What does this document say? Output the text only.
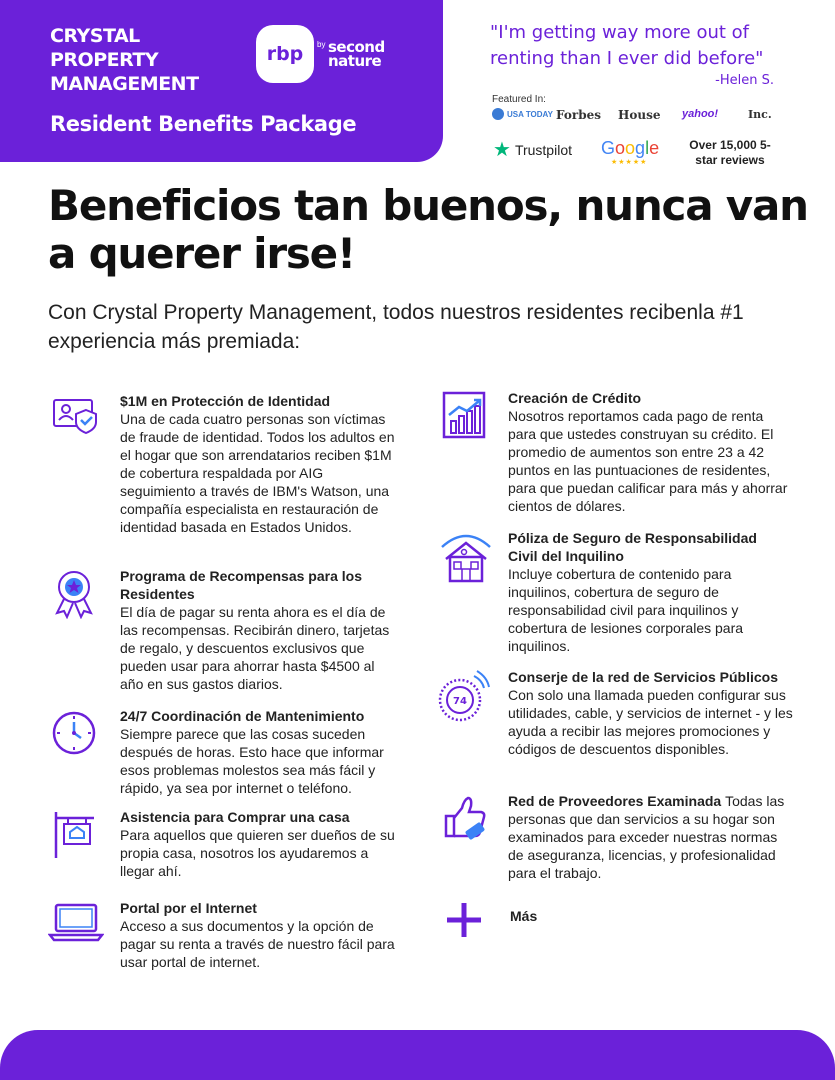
CRYSTAL PROPERTY MANAGEMENT
rbp	by second nature
Resident Benefits Package
"I'm getting way more out of renting than I ever did before"
-Helen S.
Featured In:
USA TODAY Forbes House yahoo!	Inc.
★ Trustpilot Google
★★★★★
Over 15,000 5-star reviews
Beneficios tan buenos, nunca van a querer irse!
Con Crystal Property Management, todos nuestros residentes recibenla #1 experiencia más premiada:
$1M en Protección de Identidad
Una de cada cuatro personas son víctimas de fraude de identidad. Todos los adultos en el hogar que son arrendatarios reciben $1M de cobertura respaldada por AIG seguimiento a través de IBM's Watson, una compañía especialista en restauración de identidad basada en Estados Unidos.
Programa de Recompensas para los Residentes
El día de pagar su renta ahora es el día de las recompensas. Recibirán dinero, tarjetas de regalo, y descuentos exclusivos que pueden usar para ahorrar hasta $4500 al año en sus gastos diarios.
24/7 Coordinación de Mantenimiento
Siempre parece que las cosas suceden después de horas. Esto hace que informar esos problemas molestos sea más fácil y rápido, ya sea por internet o teléfono.
Asistencia para Comprar una casa
Para aquellos que quieren ser dueños de su propia casa, nosotros los ayudaremos a llegar ahí.
Portal por el Internet
Acceso a sus documentos y la opción de pagar su renta a través de nuestro fácil para usar portal de internet.
Creación de Crédito
Nosotros reportamos cada pago de renta para que ustedes construyan su crédito. El promedio de aumentos son entre 23 a 42 puntos en las puntuaciones de residentes, para que puedan calificar para más y ahorrar cientos de dólares.
Póliza de Seguro de Responsabilidad Civil del Inquilino
Incluye cobertura de contenido para inquilinos, cobertura de seguro de responsabilidad civil para inquilinos y cobertura de lesiones corporales para inquilinos.
74
Conserje de la red de Servicios Públicos
Con solo una llamada pueden configurar sus utilidades, cable, y servicios de internet - y les ayuda a recibir las mejores promociones y códigos de descuentos disponibles.
Red de Proveedores Examinada Todas las personas que dan servicios a su hogar son examinados para exceder nuestras normas de aseguranza, licencias, y profesionalidad para el trabajo.
Más
